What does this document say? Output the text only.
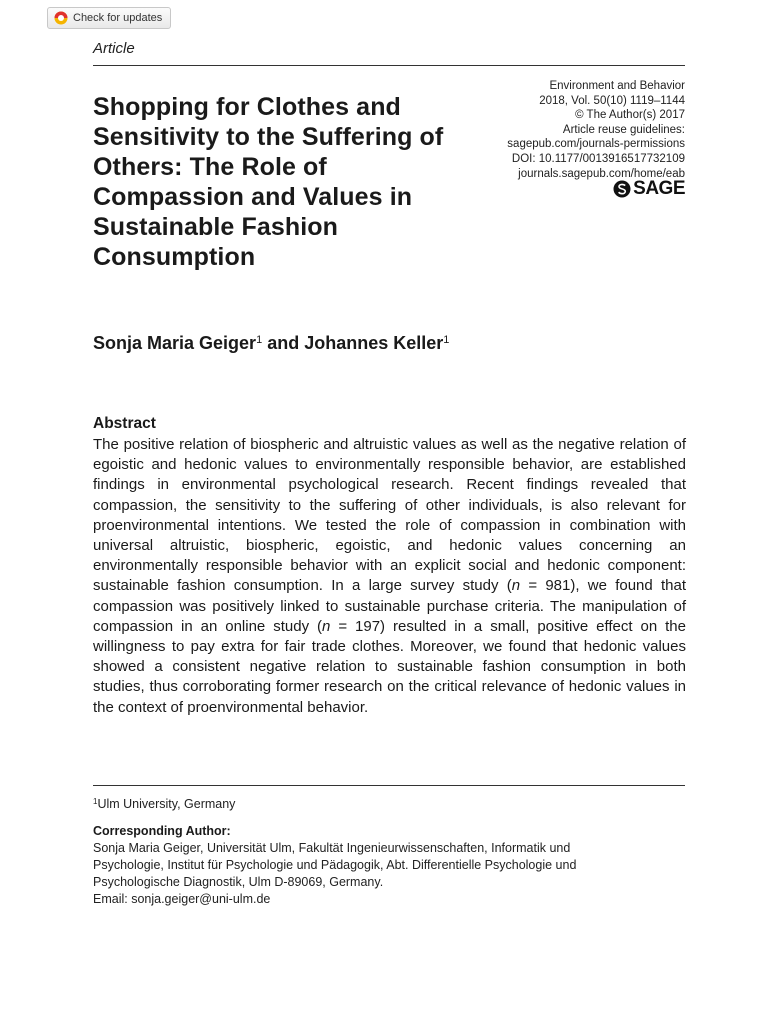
Check for updates
Article
Shopping for Clothes and Sensitivity to the Suffering of Others: The Role of Compassion and Values in Sustainable Fashion Consumption
Environment and Behavior
2018, Vol. 50(10) 1119–1144
© The Author(s) 2017
Article reuse guidelines:
sagepub.com/journals-permissions
DOI: 10.1177/0013916517732109
journals.sagepub.com/home/eab
SAGE
Sonja Maria Geiger$^1$ and Johannes Keller$^1$
Abstract

The positive relation of biospheric and altruistic values as well as the negative relation of egoistic and hedonic values to environmentally responsible behavior, are established findings in environmental psychological research. Recent findings revealed that compassion, the sensitivity to the suffering of other individuals, is also relevant for proenvironmental intentions. We tested the role of compassion in combination with universal altruistic, biospheric, egoistic, and hedonic values concerning an environmentally responsible behavior with an explicit social and hedonic component: sustainable fashion consumption. In a large survey study (n = 981), we found that compassion was positively linked to sustainable purchase criteria. The manipulation of compassion in an online study (n = 197) resulted in a small, positive effect on the willingness to pay extra for fair trade clothes. Moreover, we found that hedonic values showed a consistent negative relation to sustainable fashion consumption in both studies, thus corroborating former research on the critical relevance of hedonic values in the context of proenvironmental behavior.

$^1$Ulm University, Germany
Corresponding Author:
Sonja Maria Geiger, Universität Ulm, Fakultät Ingenieurwissenschaften, Informatik und
Psychologie, Institut für Psychologie und Pädagogik, Abt. Differentielle Psychologie und
Psychologische Diagnostik, Ulm D-89069, Germany.
Email: sonja.geiger@uni-ulm.de
